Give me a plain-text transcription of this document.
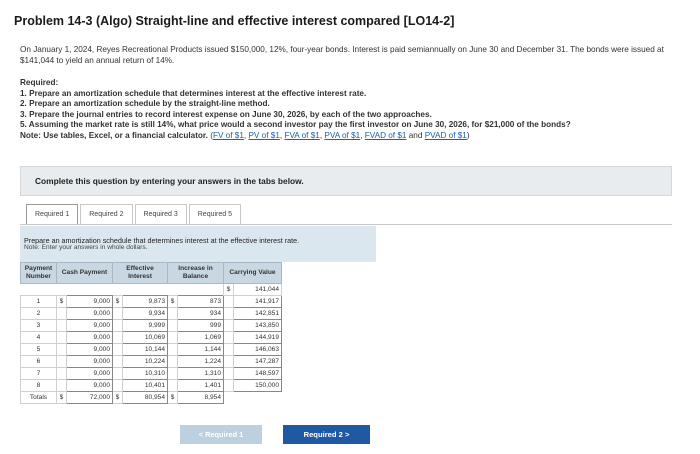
Problem 14-3 (Algo) Straight-line and effective interest compared [LO14-2]
On January 1, 2024, Reyes Recreational Products issued $150,000, 12%, four-year bonds. Interest is paid semiannually on June 30 and December 31. The bonds were issued at $141,044 to yield an annual return of 14%.
Required:
1. Prepare an amortization schedule that determines interest at the effective interest rate.
2. Prepare an amortization schedule by the straight-line method.
3. Prepare the journal entries to record interest expense on June 30, 2026, by each of the two approaches.
5. Assuming the market rate is still 14%, what price would a second investor pay the first investor on June 30, 2026, for $21,000 of the bonds?
Note: Use tables, Excel, or a financial calculator. (FV of $1, PV of $1, FVA of $1, PVA of $1, FVAD of $1 and PVAD of $1)
Complete this question by entering your answers in the tabs below.
Required 1	Required 2	Required 3	Required 5
Prepare an amortization schedule that determines interest at the effective interest rate.
Note: Enter your answers in whole dollars.
Payment Number	Cash Payment		Effective Interest		Increase in Balance		Carrying Value	
							$	141,044
1	$	9,000	$	9,873	$	873		141,917
2		9,000		9,934		934		142,851
3		9,000		9,999		999		143,850
4		9,000		10,069		1,069		144,919
5		9,000		10,144		1,144		146,063
6		9,000		10,224		1,224		147,287
7		9,000		10,310		1,310		148,597
8		9,000		10,401		1,401		150,000
Totals	$	72,000	$	80,954	$	8,954		
< Required 1	Required 2 >
